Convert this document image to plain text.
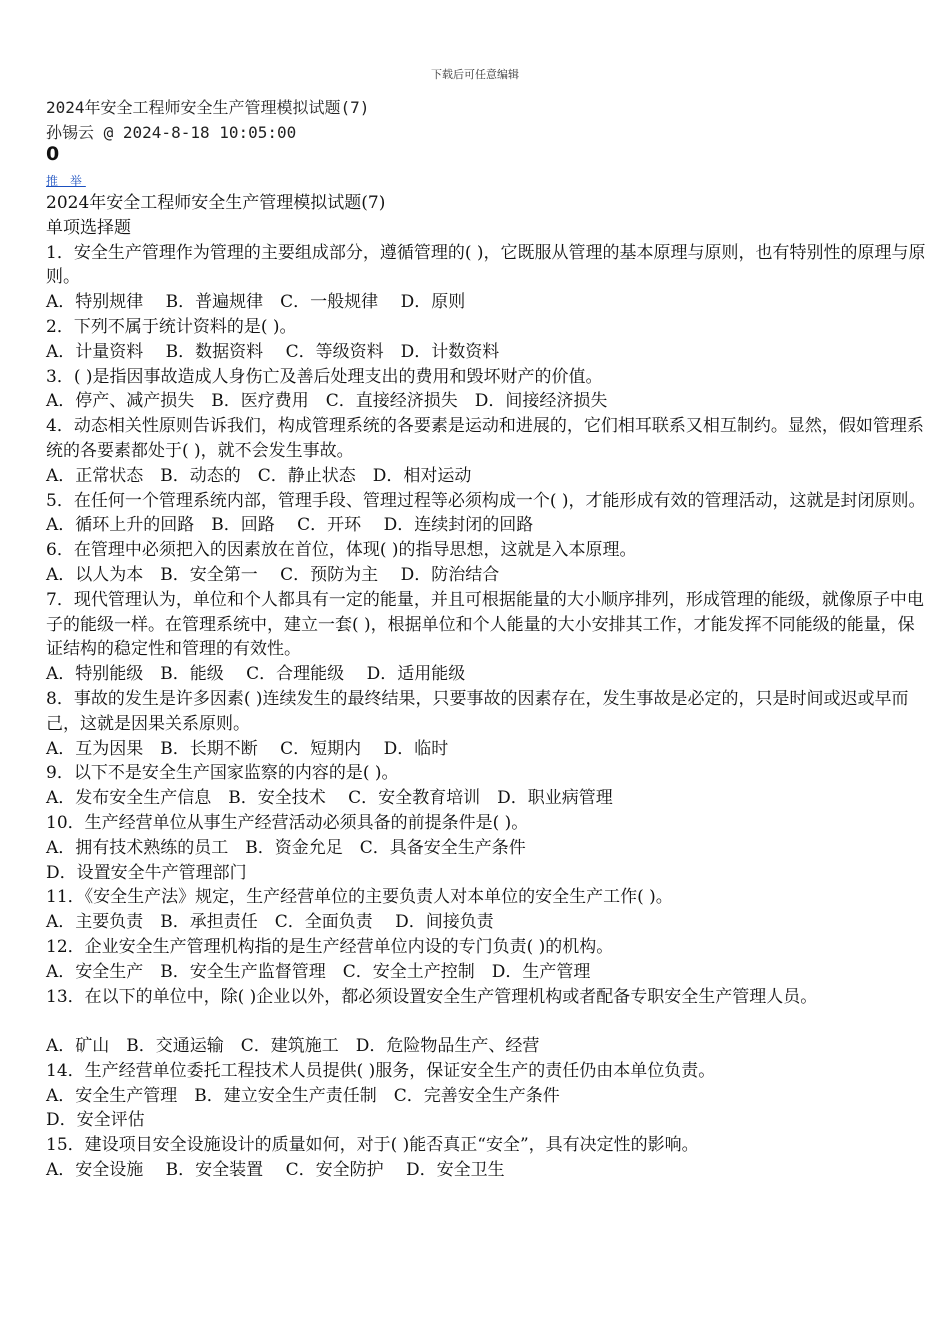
下载后可任意编辑
2024年安全工程师安全生产管理模拟试题(7)
孙锡云 @ 2024-8-18 10:05:00
0
推 举
2024年安全工程师安全生产管理模拟试题(7)
单项选择题
1．安全生产管理作为管理的主要组成部分，遵循管理的( )，它既服从管理的基本原理与原则，也有特别性的原理与原则。
A．特别规律　 B．普遍规律　C．一般规律　 D．原则
2．下列不属于统计资料的是( )。
A．计量资料　 B．数据资料　 C．等级资料　D．计数资料
3．( )是指因事故造成人身伤亡及善后处理支出的费用和毁坏财产的价值。
A．停产、减产损失　B．医疗费用　C．直接经济损失　D．间接经济损失
4．动态相关性原则告诉我们，构成管理系统的各要素是运动和进展的，它们相耳联系又相互制约。显然，假如管理系统的各要素都处于( )，就不会发生事故。
A．正常状态　B．动态的　C．静止状态　D．相对运动
5．在任何一个管理系统内部，管理手段、管理过程等必须构成一个( )，才能形成有效的管理活动，这就是封闭原则。
A．循环上升的回路　B．回路　 C．开环　 D．连续封闭的回路
6．在管理中必须把入的因素放在首位，体现( )的指导思想，这就是入本原理。
A．以人为本　B．安全第一　 C．预防为主　 D．防治结合
7．现代管理认为，单位和个人都具有一定的能量，并且可根据能量的大小顺序排列，形成管理的能级，就像原子中电子的能级一样。在管理系统中，建立一套( )，根据单位和个人能量的大小安排其工作，才能发挥不同能级的能量，保证结构的稳定性和管理的有效性。
A．特别能级　B．能级　 C．合理能级　 D．适用能级
8．事故的发生是许多因素( )连续发生的最终结果，只要事故的因素存在，发生事故是必定的，只是时间或迟或早而己，这就是因果关系原则。
A．互为因果　B．长期不断　 C．短期内　 D．临时
9．以下不是安全生产国家监察的内容的是( )。
A．发布安全生产信息　B．安全技术　 C．安全教育培训　D．职业病管理
10．生产经营单位从事生产经营活动必须具备的前提条件是( )。
A．拥有技术熟练的员工　B．资金允足　C．具备安全生产条件
D．设置安全牛产管理部门
11．《安全生产法》规定，生产经营单位的主要负责人对本单位的安全生产工作( )。
A．主要负责　B．承担责任　C．全面负责　 D．间接负责
12．企业安全生产管理机构指的是生产经营单位内设的专门负责( )的机构。
A．安全生产　B．安全生产监督管理　C．安全土产控制　D．生产管理
13．在以下的单位中，除( )企业以外，都必须设置安全生产管理机构或者配备专职安全生产管理人员。
A．矿山　B．交通运输　C．建筑施工　D．危险物品生产、经营
14．生产经营单位委托工程技术人员提供( )服务，保证安全生产的责任仍由本单位负责。
A．安全生产管理　B．建立安全生产责任制　C．完善安全生产条件
D．安全评估
15．建设项目安全设施设计的质量如何，对于( )能否真正“安全”，具有决定性的影响。
A．安全设施　 B．安全装置　 C．安全防护　 D．安全卫生
